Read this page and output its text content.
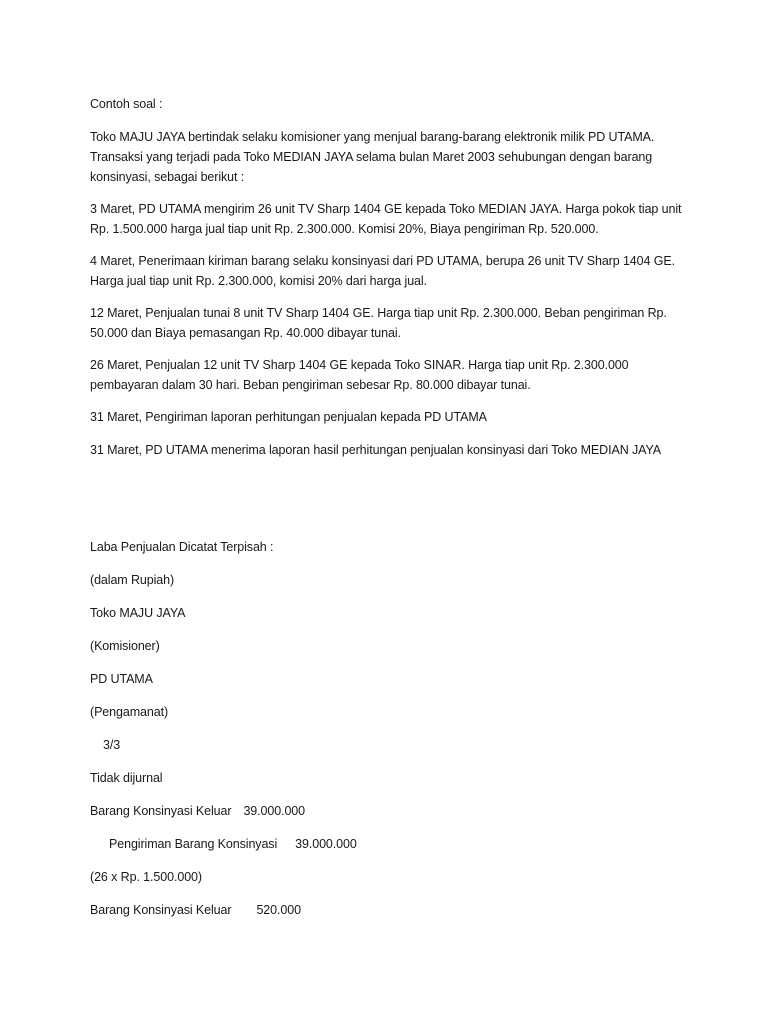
Contoh soal :

Toko MAJU JAYA bertindak selaku komisioner yang menjual barang-barang elektronik milik PD UTAMA. Transaksi yang terjadi pada Toko MEDIAN JAYA selama bulan Maret 2003 sehubungan dengan barang konsinyasi, sebagai berikut :

3 Maret, PD UTAMA mengirim 26 unit TV Sharp 1404 GE kepada Toko MEDIAN JAYA. Harga pokok tiap unit Rp. 1.500.000 harga jual tiap unit Rp. 2.300.000. Komisi 20%, Biaya pengiriman Rp. 520.000.

4 Maret, Penerimaan kiriman barang selaku konsinyasi dari PD UTAMA, berupa 26 unit TV Sharp 1404 GE. Harga jual tiap unit Rp. 2.300.000, komisi 20% dari harga jual.

12 Maret, Penjualan tunai 8 unit TV Sharp 1404 GE. Harga tiap unit Rp. 2.300.000. Beban pengiriman Rp. 50.000 dan Biaya pemasangan Rp. 40.000 dibayar tunai.

26 Maret, Penjualan 12 unit TV Sharp 1404 GE kepada Toko SINAR. Harga tiap unit Rp. 2.300.000 pembayaran dalam 30 hari. Beban pengiriman sebesar Rp. 80.000 dibayar tunai.

31 Maret, Pengiriman laporan perhitungan penjualan kepada PD UTAMA

31 Maret, PD UTAMA menerima laporan hasil perhitungan penjualan konsinyasi dari Toko MEDIAN JAYA

Laba Penjualan Dicatat Terpisah :

(dalam Rupiah)

Toko MAJU JAYA

(Komisioner)

PD UTAMA

(Pengamanat)

3/3

Tidak dijurnal

Barang Konsinyasi Keluar 39.000.000

Pengiriman Barang Konsinyasi 39.000.000

(26 x Rp. 1.500.000)

Barang Konsinyasi Keluar 520.000
